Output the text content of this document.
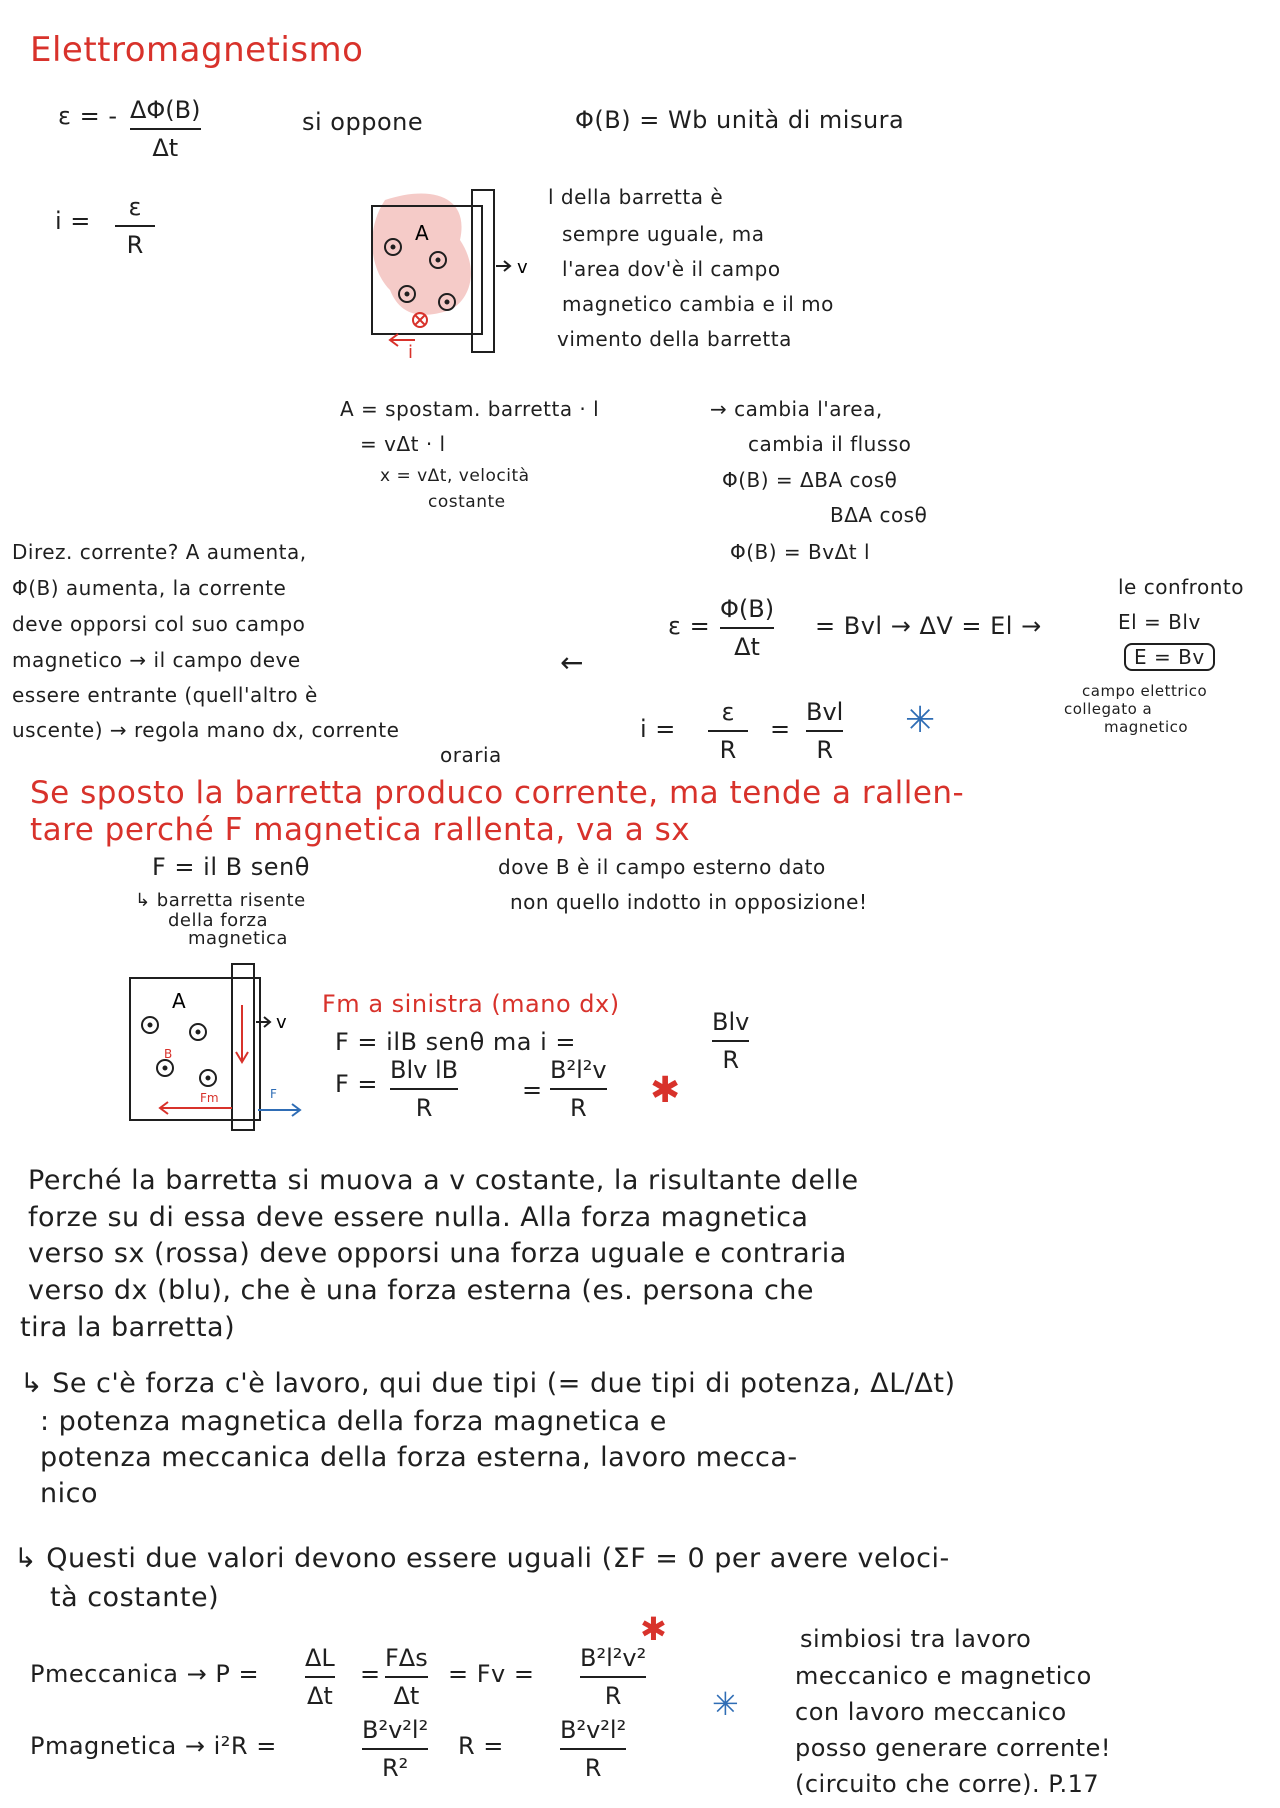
Elettromagnetismo
ε = - ΔΦ(B)
Δt
si oppone	Φ(B) = Wb unità di misura
i = ε
R	A
v
i
l della barretta è
sempre uguale, ma
l'area dov'è il campo
magnetico cambia e il mo
vimento della barretta
A = spostam. barretta · l
= vΔt · l
x = vΔt, velocità
costante
→ cambia l'area,
cambia il flusso
Φ(B) = ΔBA cosθ
BΔA cosθ
Φ(B) = BvΔt l
Direz. corrente? A aumenta,
Φ(B) aumenta, la corrente
deve opporsi col suo campo
magnetico → il campo deve
essere entrante (quell'altro è
uscente) → regola mano dx, corrente
oraria
←
ε =
Φ(B)
Δt
= Bvl → ΔV = El →
le confronto
El = Blv
E = Bv
campo elettrico
collegato a
magnetico
i =
ε
R
=
Bvl
R
✳
Se sposto la barretta produco corrente, ma tende a rallen-
tare perché F magnetica rallenta, va a sx
F = il B senθ	dove B è il campo esterno dato
non quello indotto in opposizione!
↳ barretta risente
della forza
magnetica
A
B
v
Fm	F
Fm a sinistra (mano dx)
F = ilB senθ ma i =
Blv
R
F = Blv lB
R
=
B²l²v
R ✱
Perché la barretta si muova a v costante, la risultante delle
forze su di essa deve essere nulla. Alla forza magnetica
verso sx (rossa) deve opporsi una forza uguale e contraria
verso dx (blu), che è una forza esterna (es. persona che
tira la barretta)
↳ Se c'è forza c'è lavoro, qui due tipi (= due tipi di potenza, ΔL/Δt)
: potenza magnetica della forza magnetica e
potenza meccanica della forza esterna, lavoro mecca-
nico
↳ Questi due valori devono essere uguali (ΣF = 0 per avere veloci-
tà costante)
Pmeccanica → P =
ΔL
Δt
=
FΔs
Δt
= Fv =
B²l²v²
R
✱
✳
Pmagnetica → i²R =
B²v²l²
R²
R =
B²v²l²
R
simbiosi tra lavoro
meccanico e magnetico
con lavoro meccanico
posso generare corrente!
(circuito che corre). P.17
